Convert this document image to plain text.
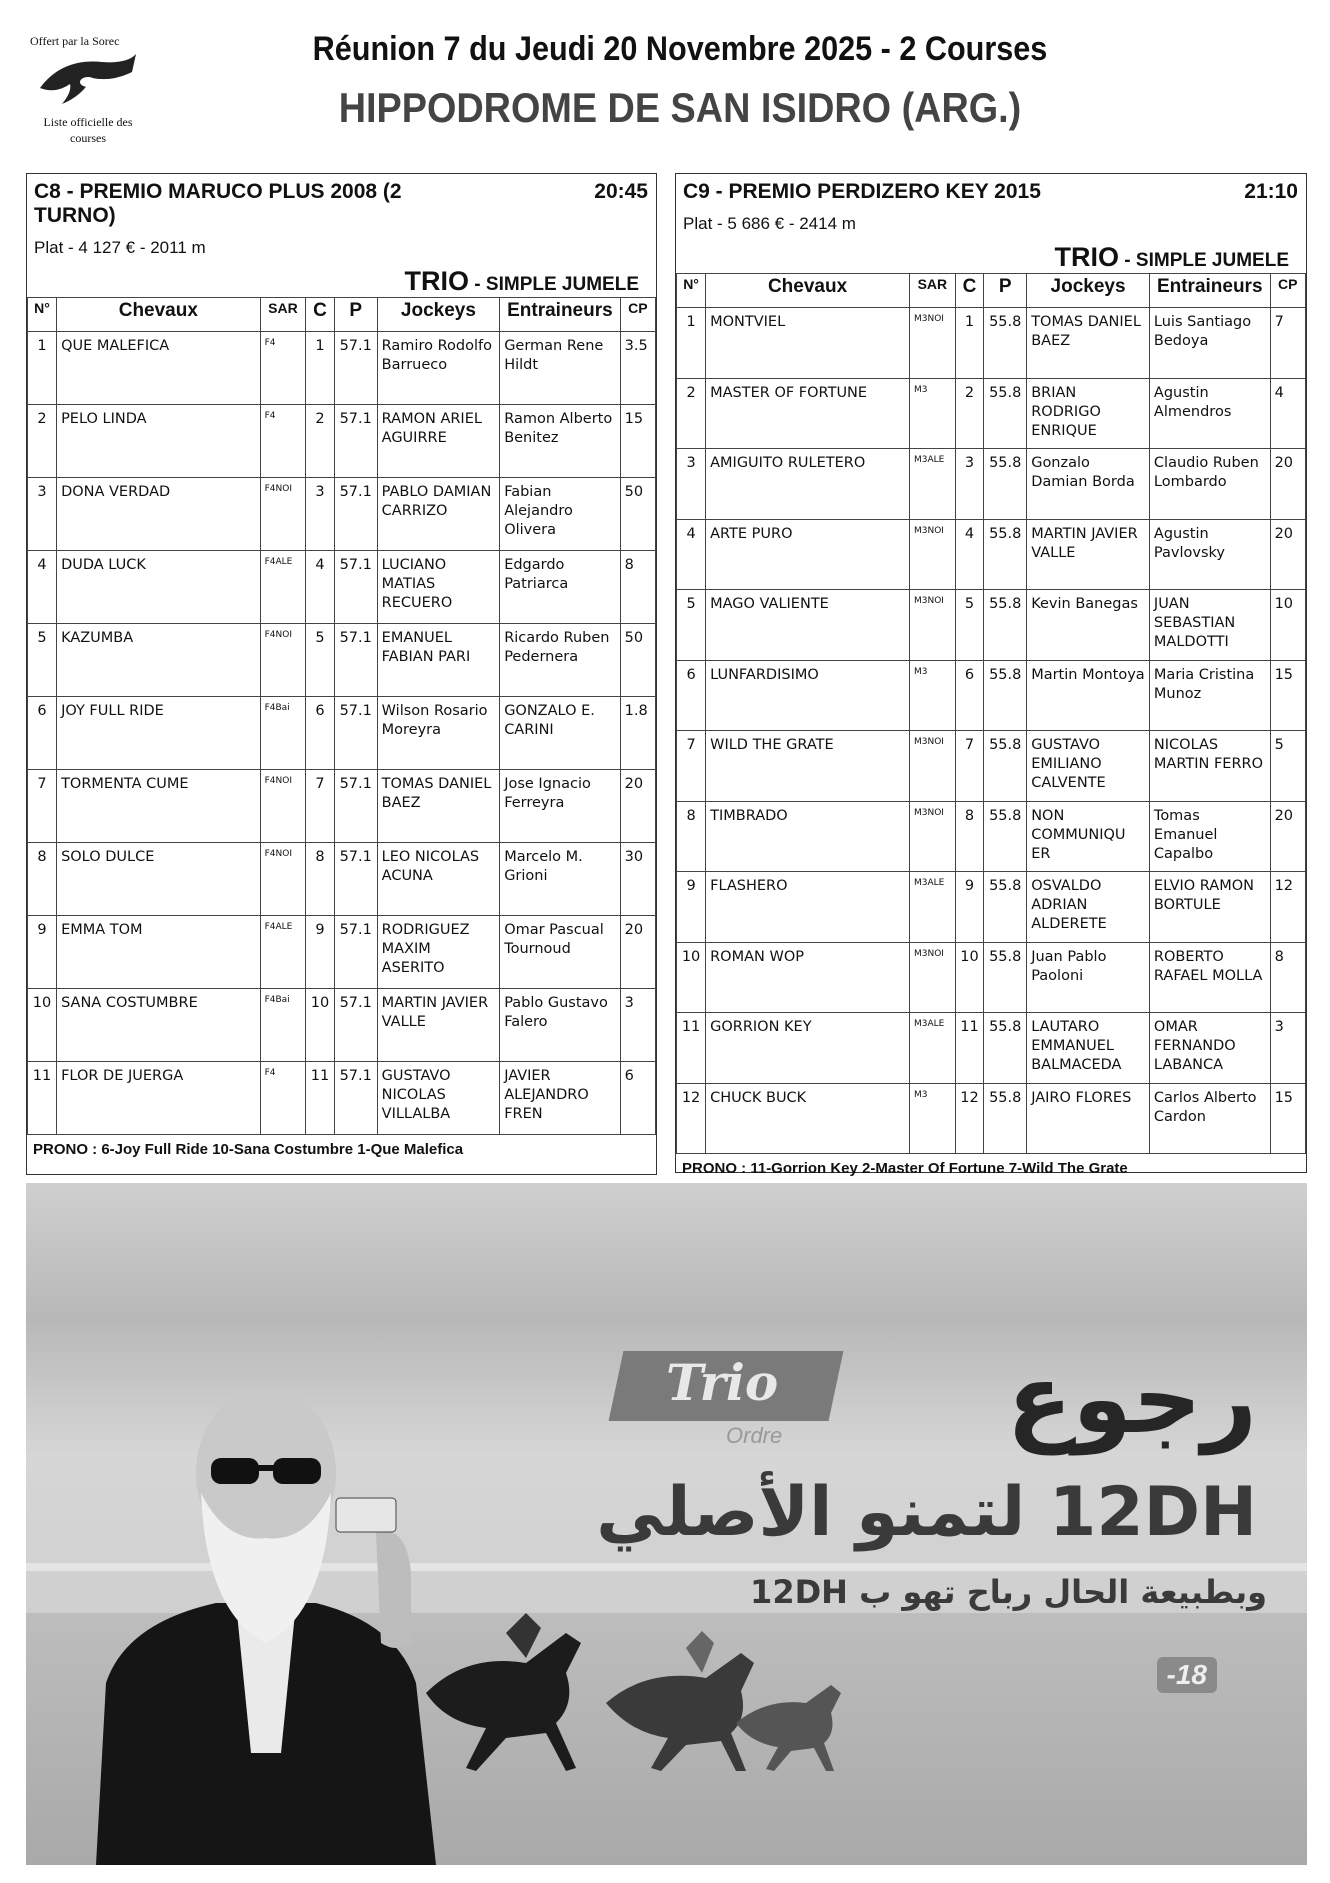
Offert par la Sorec
Liste officielle des courses
Réunion 7 du Jeudi 20 Novembre 2025 - 2 Courses
HIPPODROME DE SAN ISIDRO (ARG.)
C8 - PREMIO MARUCO PLUS 2008 (2 TURNO)
20:45
Plat - 4 127 € - 2011 m
TRIO - SIMPLE JUMELE
N°	Chevaux	SAR	C	P	Jockeys	Entraineurs	CP
1	QUE MALEFICA	F4	1	57.1	Ramiro Rodolfo Barrueco	German Rene Hildt	3.5
2	PELO LINDA	F4	2	57.1	RAMON ARIEL AGUIRRE	Ramon Alberto Benitez	15
3	DONA VERDAD	F4NOI	3	57.1	PABLO DAMIAN CARRIZO	Fabian Alejandro Olivera	50
4	DUDA LUCK	F4ALE	4	57.1	LUCIANO MATIAS RECUERO	Edgardo Patriarca	8
5	KAZUMBA	F4NOI	5	57.1	EMANUEL FABIAN PARI	Ricardo Ruben Pedernera	50
6	JOY FULL RIDE	F4Bai	6	57.1	Wilson Rosario Moreyra	GONZALO E. CARINI	1.8
7	TORMENTA CUME	F4NOI	7	57.1	TOMAS DANIEL BAEZ	Jose Ignacio Ferreyra	20
8	SOLO DULCE	F4NOI	8	57.1	LEO NICOLAS ACUNA	Marcelo M. Grioni	30
9	EMMA TOM	F4ALE	9	57.1	RODRIGUEZ MAXIM ASERITO	Omar Pascual Tournoud	20
10	SANA COSTUMBRE	F4Bai	10	57.1	MARTIN JAVIER VALLE	Pablo Gustavo Falero	3
11	FLOR DE JUERGA	F4	11	57.1	GUSTAVO NICOLAS VILLALBA	JAVIER ALEJANDRO FREN	6
PRONO : 6-Joy Full Ride 10-Sana Costumbre 1-Que Malefica
C9 - PREMIO PERDIZERO KEY 2015	21:10
Plat - 5 686 € - 2414 m
TRIO - SIMPLE JUMELE
N°	Chevaux	SAR	C	P	Jockeys	Entraineurs	CP
1	MONTVIEL	M3NOI	1	55.8	TOMAS DANIEL BAEZ	Luis Santiago Bedoya	7
2	MASTER OF FORTUNE	M3	2	55.8	BRIAN RODRIGO ENRIQUE	Agustin Almendros	4
3	AMIGUITO RULETERO	M3ALE	3	55.8	Gonzalo Damian Borda	Claudio Ruben Lombardo	20
4	ARTE PURO	M3NOI	4	55.8	MARTIN JAVIER VALLE	Agustin Pavlovsky	20
5	MAGO VALIENTE	M3NOI	5	55.8	Kevin Banegas	JUAN SEBASTIAN MALDOTTI	10
6	LUNFARDISIMO	M3	6	55.8	Martin Montoya	Maria Cristina Munoz	15
7	WILD THE GRATE	M3NOI	7	55.8	GUSTAVO EMILIANO CALVENTE	NICOLAS MARTIN FERRO	5
8	TIMBRADO	M3NOI	8	55.8	NON COMMUNIQU ER	Tomas Emanuel Capalbo	20
9	FLASHERO	M3ALE	9	55.8	OSVALDO ADRIAN ALDERETE	ELVIO RAMON BORTULE	12
10	ROMAN WOP	M3NOI	10	55.8	Juan Pablo Paoloni	ROBERTO RAFAEL MOLLA	8
11	GORRION KEY	M3ALE	11	55.8	LAUTARO EMMANUEL BALMACEDA	OMAR FERNANDO LABANCA	3
12	CHUCK BUCK	M3	12	55.8	JAIRO FLORES	Carlos Alberto Cardon	15
PRONO : 11-Gorrion Key 2-Master Of Fortune 7-Wild The Grate
Trio
Ordre رجوع
12DH لتمنو الأصلي
وبطبيعة الحال رباح تهو ب 12DH
-18
